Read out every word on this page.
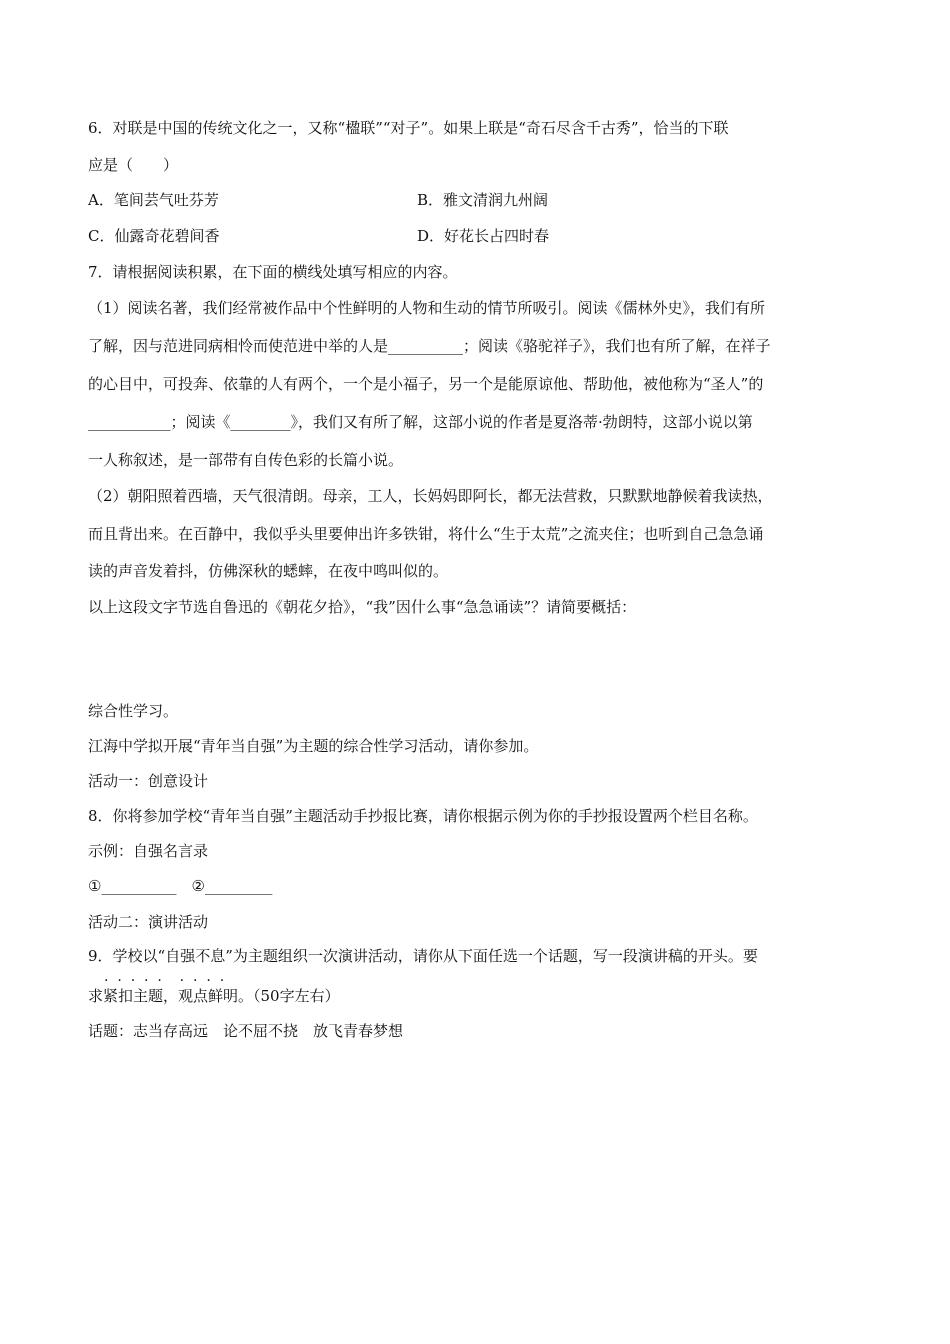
6．对联是中国的传统文化之一，又称“楹联”“对子”。如果上联是“奇石尽含千古秀”，恰当的下联
应是（　　）
A．笔间芸气吐芬芳	B．雅文清润九州阔
C．仙露奇花碧间香	D．好花长占四时春
7．请根据阅读积累，在下面的横线处填写相应的内容。
（1）阅读名著，我们经常被作品中个性鲜明的人物和生动的情节所吸引。阅读《儒林外史》，我们有所
了解，因与范进同病相怜而使范进中举的人是__________；阅读《骆驼祥子》，我们也有所了解，在祥子
的心目中，可投奔、依靠的人有两个，一个是小福子，另一个是能原谅他、帮助他，被他称为“圣人”的
___________；阅读《________》，我们又有所了解，这部小说的作者是夏洛蒂·勃朗特，这部小说以第
一人称叙述，是一部带有自传色彩的长篇小说。
（2）朝阳照着西墙，天气很清朗。母亲，工人，长妈妈即阿长，都无法营救，只默默地静候着我读热，
而且背出来。在百静中，我似乎头里要伸出许多铁钳，将什么“生于太荒”之流夹住；也听到自己急急诵
读的声音发着抖，仿佛深秋的蟋蟀，在夜中鸣叫似的。
以上这段文字节选自鲁迅的《朝花夕拾》，“我”因什么事“急急诵读”？请简要概括：
综合性学习。
江海中学拟开展“青年当自强”为主题的综合性学习活动，请你参加。
活动一：创意设计
8．你将参加学校“青年当自强”主题活动手抄报比赛，请你根据示例为你的手抄报设置两个栏目名称。
示例：自强名言录
①__________　②_________
活动二：演讲活动
9．学校以“自强不息”为主题组织一次演讲活动，请你从下面任选一个话题，写一段演讲稿的开头。要
.  .  .  .  .    .  .  .  .
求紧扣主题，观点鲜明。（50字左右）
话题：志当存高远　论不屈不挠　放飞青春梦想
